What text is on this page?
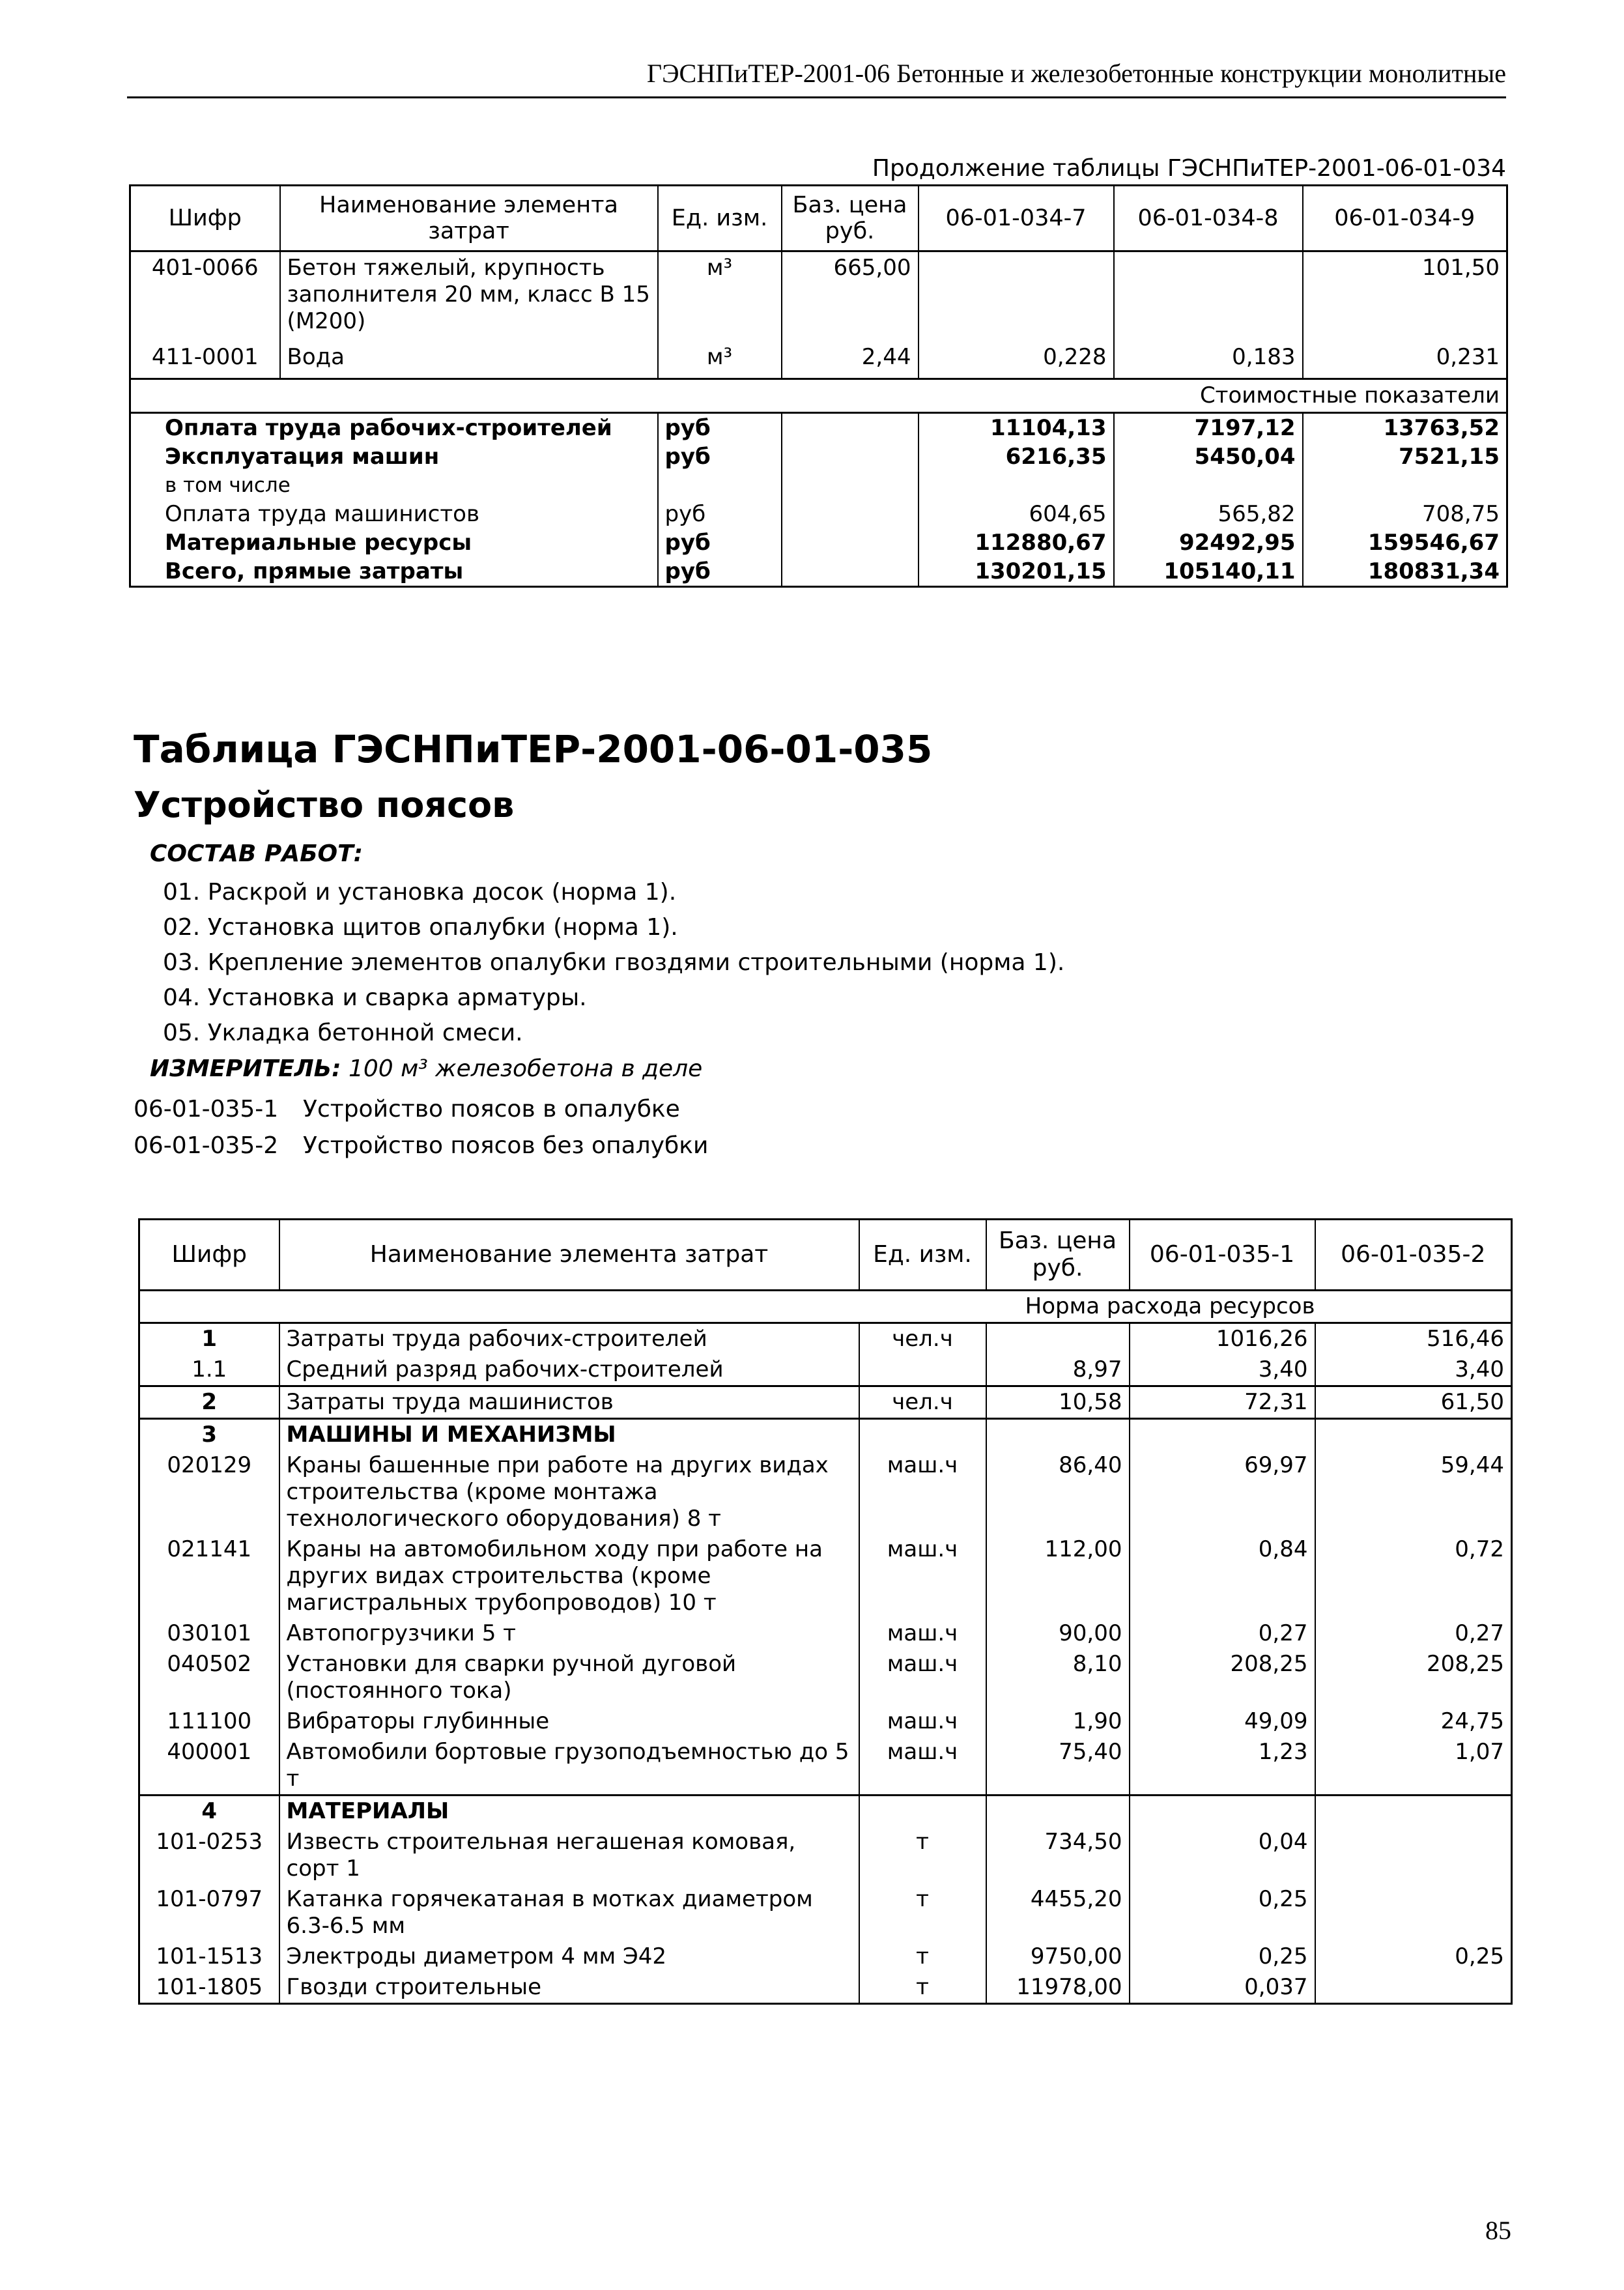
ГЭСНПиТЕР-2001-06 Бетонные и железобетонные конструкции монолитные
Продолжение таблицы ГЭСНПиТЕР-2001-06-01-034
Шифр	Наименование элемента затрат	Ед. изм.	Баз. цена руб.	06-01-034-7	06-01-034-8	06-01-034-9
401-0066	Бетон тяжелый, крупность заполнителя 20 мм, класс В 15 (М200)	м³	665,00			101,50
411-0001	Вода	м³	2,44	0,228	0,183	0,231
Стоимостные показатели						
Оплата труда рабочих-строителей		руб		11104,13	7197,12	13763,52
Эксплуатация машин		руб		6216,35	5450,04	7521,15
в том числе						
Оплата труда машинистов		руб		604,65	565,82	708,75
Материальные ресурсы		руб		112880,67	92492,95	159546,67
Всего, прямые затраты		руб		130201,15	105140,11	180831,34
Таблица ГЭСНПиТЕР-2001-06-01-035
Устройство поясов
СОСТАВ РАБОТ:
01. Раскрой и установка досок (норма 1).
02. Установка щитов опалубки (норма 1).
03. Крепление элементов опалубки гвоздями строительными (норма 1).
04. Установка и сварка арматуры.
05. Укладка бетонной смеси.
ИЗМЕРИТЕЛЬ: 100 м³ железобетона в деле
06-01-035-1 Устройство поясов в опалубке
06-01-035-2 Устройство поясов без опалубки
Шифр	Наименование элемента затрат	Ед. изм.	Баз. цена руб.	06-01-035-1	06-01-035-2
Норма расхода ресурсов					
1	Затраты труда рабочих-строителей	чел.ч		1016,26	516,46
1.1	Средний разряд рабочих-строителей		8,97	3,40	3,40
2	Затраты труда машинистов	чел.ч	10,58	72,31	61,50
3	МАШИНЫ И МЕХАНИЗМЫ				
020129	Краны башенные при работе на других видах строительства (кроме монтажа технологического оборудования) 8 т	маш.ч	86,40	69,97	59,44
021141	Краны на автомобильном ходу при работе на других видах строительства (кроме магистральных трубопроводов) 10 т	маш.ч	112,00	0,84	0,72
030101	Автопогрузчики 5 т	маш.ч	90,00	0,27	0,27
040502	Установки для сварки ручной дуговой (постоянного тока)	маш.ч	8,10	208,25	208,25
111100	Вибраторы глубинные	маш.ч	1,90	49,09	24,75
400001	Автомобили бортовые грузоподъемностью до 5 т	маш.ч	75,40	1,23	1,07
4	МАТЕРИАЛЫ				
101-0253	Известь строительная негашеная комовая, сорт 1	т	734,50	0,04	
101-0797	Катанка горячекатаная в мотках диаметром 6.3-6.5 мм	т	4455,20	0,25	
101-1513	Электроды диаметром 4 мм Э42	т	9750,00	0,25	0,25
101-1805	Гвозди строительные	т	11978,00	0,037	
85
